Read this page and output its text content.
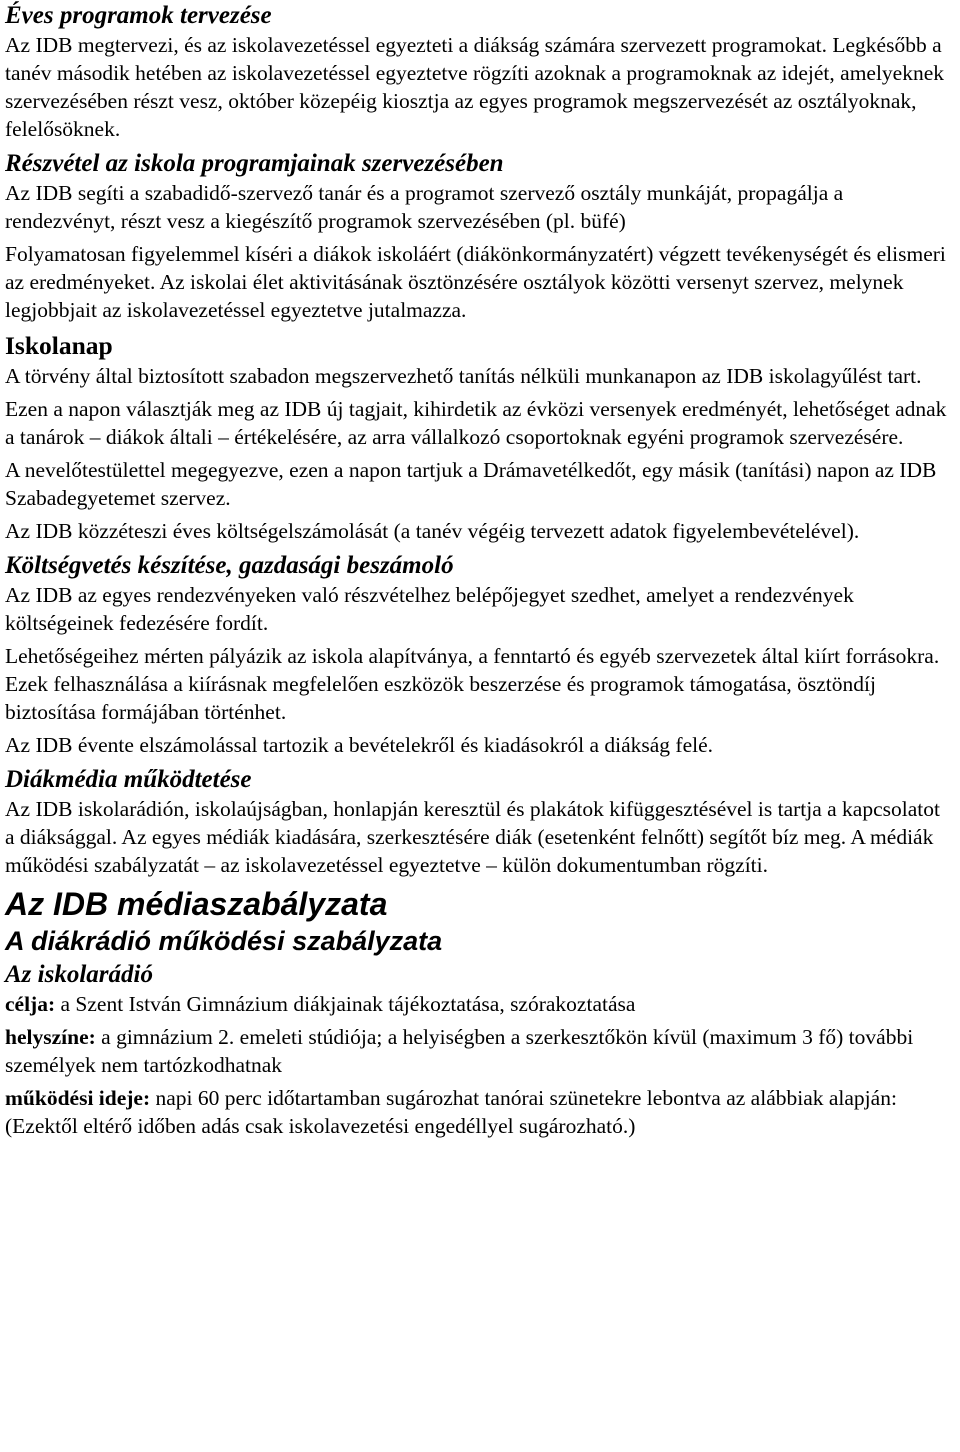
Éves programok tervezése

Az IDB megtervezi, és az iskolavezetéssel egyezteti a diákság számára szervezett programokat. Legkésőbb a tanév második hetében az iskolavezetéssel egyeztetve rögzíti azoknak a programoknak az idejét, amelyeknek szervezésében részt vesz, október közepéig kiosztja az egyes programok megszervezését az osztályoknak, felelősöknek.

Részvétel az iskola programjainak szervezésében

Az IDB segíti a szabadidő-szervező tanár és a programot szervező osztály munkáját, propagálja a rendezvényt, részt vesz a kiegészítő programok szervezésében (pl. büfé)

Folyamatosan figyelemmel kíséri a diákok iskoláért (diákönkormányzatért) végzett tevékenységét és elismeri az eredményeket. Az iskolai élet aktivitásának ösztönzésére osztályok közötti versenyt szervez, melynek legjobbjait az iskolavezetéssel egyeztetve jutalmazza.

Iskolanap

A törvény által biztosított szabadon megszervezhető tanítás nélküli munkanapon az IDB iskolagyűlést tart.

Ezen a napon választják meg az IDB új tagjait, kihirdetik az évközi versenyek eredményét, lehetőséget adnak a tanárok – diákok általi – értékelésére, az arra vállalkozó csoportoknak egyéni programok szervezésére.

A nevelőtestülettel megegyezve, ezen a napon tartjuk a Drámavetélkedőt, egy másik (tanítási) napon az IDB Szabadegyetemet szervez.

Az IDB közzéteszi éves költségelszámolását (a tanév végéig tervezett adatok figyelembevételével).

Költségvetés készítése, gazdasági beszámoló

Az IDB az egyes rendezvényeken való részvételhez belépőjegyet szedhet, amelyet a rendezvények költségeinek fedezésére fordít.

Lehetőségeihez mérten pályázik az iskola alapítványa, a fenntartó és egyéb szervezetek által kiírt forrásokra. Ezek felhasználása a kiírásnak megfelelően eszközök beszerzése és programok támogatása, ösztöndíj biztosítása formájában történhet.

Az IDB évente elszámolással tartozik a bevételekről és kiadásokról a diákság felé.

Diákmédia működtetése

Az IDB iskolarádión, iskolaújságban, honlapján keresztül és plakátok kifüggesztésével is tartja a kapcsolatot a diáksággal. Az egyes médiák kiadására, szerkesztésére diák (esetenként felnőtt) segítőt bíz meg. A médiák működési szabályzatát – az iskolavezetéssel egyeztetve – külön dokumentumban rögzíti.

Az IDB médiaszabályzata
A diákrádió működési szabályzata
Az iskolarádió

célja: a Szent István Gimnázium diákjainak tájékoztatása, szórakoztatása

helyszíne: a gimnázium 2. emeleti stúdiója; a helyiségben a szerkesztőkön kívül (maximum 3 fő) további személyek nem tartózkodhatnak

működési ideje: napi 60 perc időtartamban sugározhat tanórai szünetekre lebontva az alábbiak alapján: (Ezektől eltérő időben adás csak iskolavezetési engedéllyel sugározható.)
